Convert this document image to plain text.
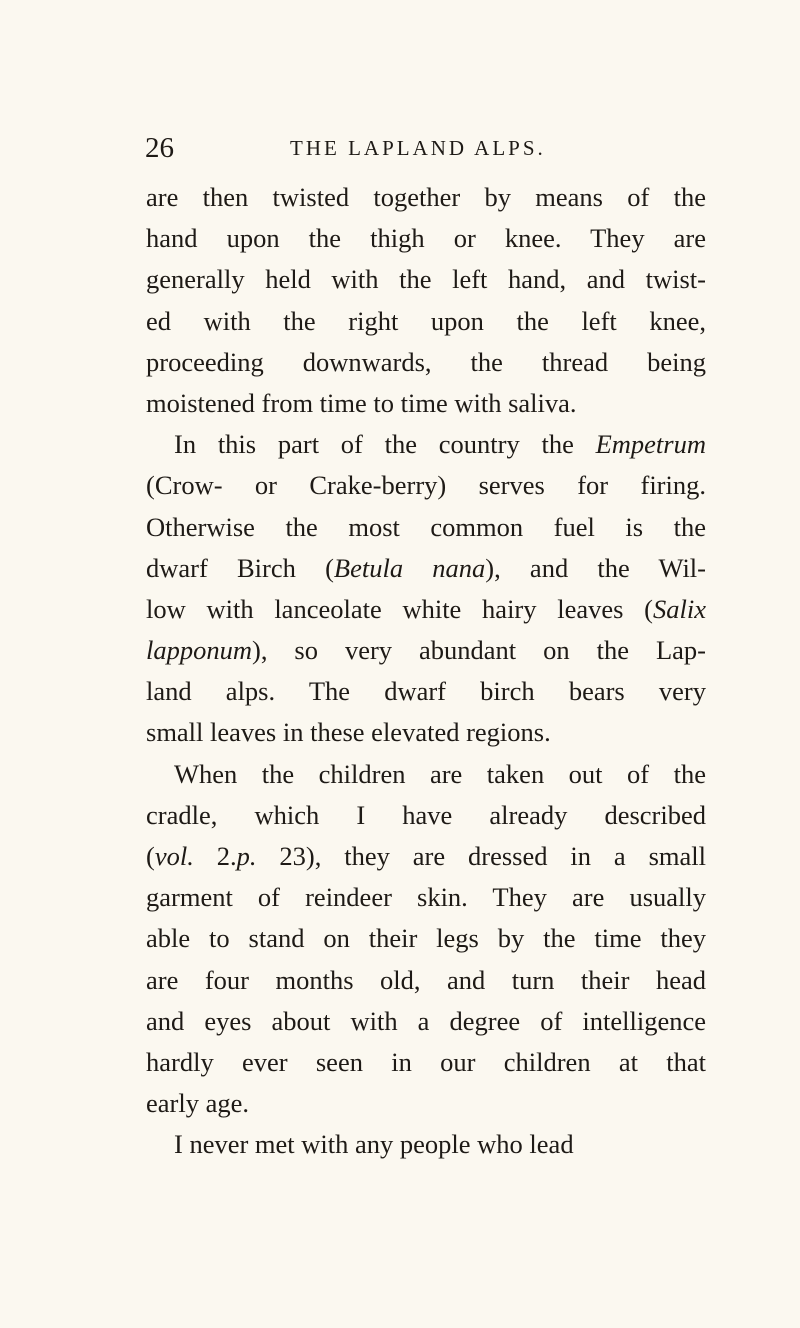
26	THE LAPLAND ALPS.
are then twisted together by means of the
hand upon the thigh or knee. They are
generally held with the left hand, and twist-
ed with the right upon the left knee,
proceeding downwards, the thread being
moistened from time to time with saliva.
In this part of the country the Empetrum
(Crow- or Crake-berry) serves for firing.
Otherwise the most common fuel is the
dwarf Birch (Betula nana), and the Wil-
low with lanceolate white hairy leaves (Salix
lapponum), so very abundant on the Lap-
land alps. The dwarf birch bears very
small leaves in these elevated regions.
When the children are taken out of the
cradle, which I have already described
(vol. 2.p. 23), they are dressed in a small
garment of reindeer skin. They are usually
able to stand on their legs by the time they
are four months old, and turn their head
and eyes about with a degree of intelligence
hardly ever seen in our children at that
early age.
I never met with any people who lead
